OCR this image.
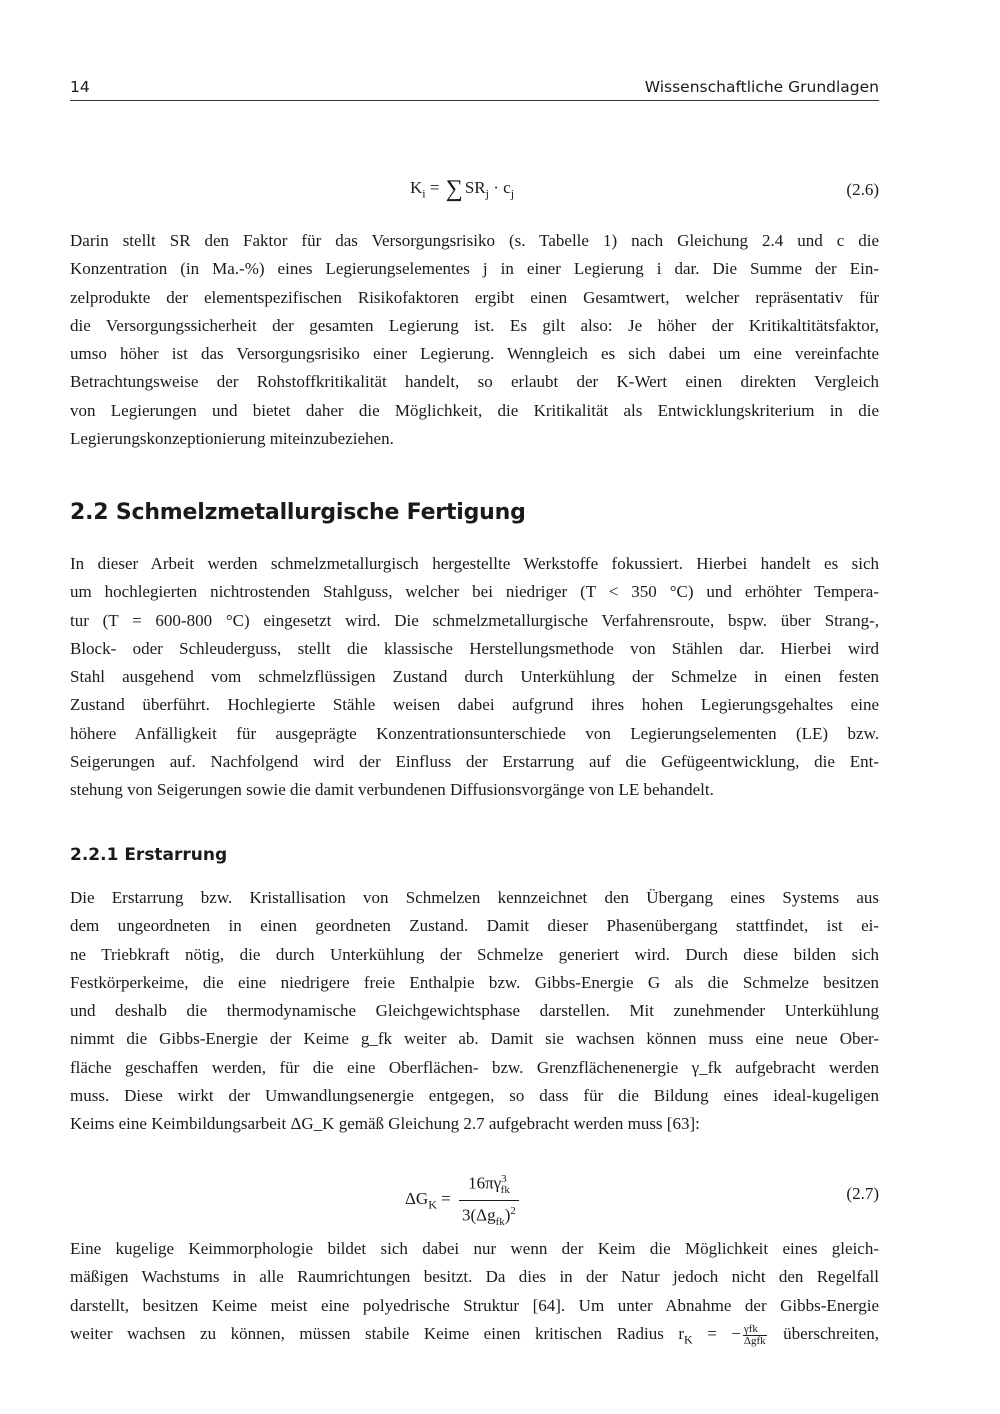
14	Wissenschaftliche Grundlagen
$K_i$ = ∑ $SR_j \cdot c_j$	(2.6)
Darin stellt SR den Faktor für das Versorgungsrisiko (s. Tabelle 1) nach Gleichung 2.4 und c die
Konzentration (in Ma.-%) eines Legierungselementes j in einer Legierung i dar. Die Summe der Ein-
zelprodukte der elementspezifischen Risikofaktoren ergibt einen Gesamtwert, welcher repräsentativ für
die Versorgungssicherheit der gesamten Legierung ist. Es gilt also: Je höher der Kritikaltitätsfaktor,
umso höher ist das Versorgungsrisiko einer Legierung. Wenngleich es sich dabei um eine vereinfachte
Betrachtungsweise der Rohstoffkritikalität handelt, so erlaubt der K-Wert einen direkten Vergleich
von Legierungen und bietet daher die Möglichkeit, die Kritikalität als Entwicklungskriterium in die
Legierungskonzeptionierung miteinzubeziehen.
2.2 Schmelzmetallurgische Fertigung
In dieser Arbeit werden schmelzmetallurgisch hergestellte Werkstoffe fokussiert. Hierbei handelt es sich
um hochlegierten nichtrostenden Stahlguss, welcher bei niedriger (T < 350 °C) und erhöhter Tempera-
tur (T = 600-800 °C) eingesetzt wird. Die schmelzmetallurgische Verfahrensroute, bspw. über Strang-,
Block- oder Schleuderguss, stellt die klassische Herstellungsmethode von Stählen dar. Hierbei wird
Stahl ausgehend vom schmelzflüssigen Zustand durch Unterkühlung der Schmelze in einen festen
Zustand überführt. Hochlegierte Stähle weisen dabei aufgrund ihres hohen Legierungsgehaltes eine
höhere Anfälligkeit für ausgeprägte Konzentrationsunterschiede von Legierungselementen (LE) bzw.
Seigerungen auf. Nachfolgend wird der Einfluss der Erstarrung auf die Gefügeentwicklung, die Ent-
stehung von Seigerungen sowie die damit verbundenen Diffusionsvorgänge von LE behandelt.
2.2.1 Erstarrung
Die Erstarrung bzw. Kristallisation von Schmelzen kennzeichnet den Übergang eines Systems aus
dem ungeordneten in einen geordneten Zustand. Damit dieser Phasenübergang stattfindet, ist ei-
ne Triebkraft nötig, die durch Unterkühlung der Schmelze generiert wird. Durch diese bilden sich
Festkörperkeime, die eine niedrigere freie Enthalpie bzw. Gibbs-Energie G als die Schmelze besitzen
und deshalb die thermodynamische Gleichgewichtsphase darstellen. Mit zunehmender Unterkühlung
nimmt die Gibbs-Energie der Keime g_fk weiter ab. Damit sie wachsen können muss eine neue Ober-
fläche geschaffen werden, für die eine Oberflächen- bzw. Grenzflächenenergie γ_fk aufgebracht werden
muss. Diese wirkt der Umwandlungsenergie entgegen, so dass für die Bildung eines ideal-kugeligen
Keims eine Keimbildungsarbeit ΔG_K gemäß Gleichung 2.7 aufgebracht werden muss [63]:
$\Delta G_K = \frac{16\pi\gamma^3_{fk}}{3(\Delta g_{fk})^2}$	(2.7)
Eine kugelige Keimmorphologie bildet sich dabei nur wenn der Keim die Möglichkeit eines gleich-
mäßigen Wachstums in alle Raumrichtungen besitzt. Da dies in der Natur jedoch nicht den Regelfall
darstellt, besitzen Keime meist eine polyedrische Struktur [64]. Um unter Abnahme der Gibbs-Energie
weiter wachsen zu können, müssen stabile Keime einen kritischen Radius $r_K$ = − $\frac{\text{γfk}}{\text{Δgfk}}$ überschreiten,
